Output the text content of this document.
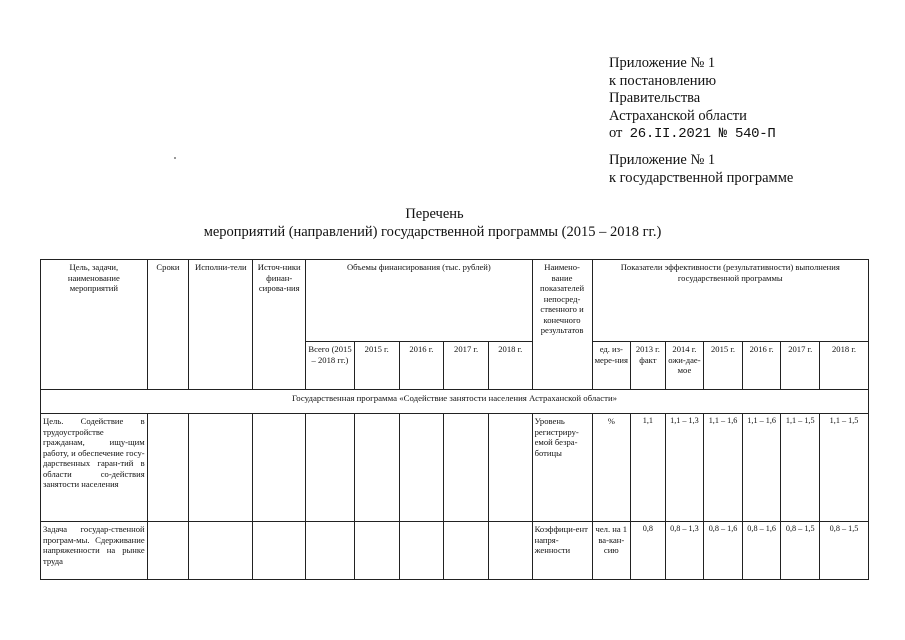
Приложение № 1
к постановлению
Правительства
Астраханской области
от 26.II.2021 № 540-П
Приложение № 1
к государственной программе
Перечень
мероприятий (направлений) государственной программы (2015 – 2018 гг.)
Цель, задачи, наименование мероприятий	Сроки	Исполни-тели	Источ-ники финан-сирова-ния	Объемы финансирования (тыс. рублей)					Наимено-вание показателей непосред-ственного и конечного результатов	Показатели эффективности (результативности) выполнения государственной программы						
				Всего (2015 – 2018 гг.)	2015 г.	2016 г.	2017 г.	2018 г.		ед. из-мере-ния	2013 г. факт	2014 г. ожи-дае-мое	2015 г.	2016 г.	2017 г.	2018 г.
Государственная программа «Содействие занятости населения Астраханской области»																
Цель. Содействие в трудоустройстве гражданам, ищу-щим работу, и обеспечение госу-дарственных гаран-тий в области со-действия занятости населения									Уровень регистриру-емой безра-ботицы	%	1,1	1,1 – 1,3	1,1 – 1,6	1,1 – 1,6	1,1 – 1,5	1,1 – 1,5
Задача государ-ственной програм-мы. Сдерживание напряженности на рынке труда									Коэффици-ент напря-женности	чел. на 1 ва-кан-сию	0,8	0,8 – 1,3	0,8 – 1,6	0,8 – 1,6	0,8 – 1,5	0,8 – 1,5
